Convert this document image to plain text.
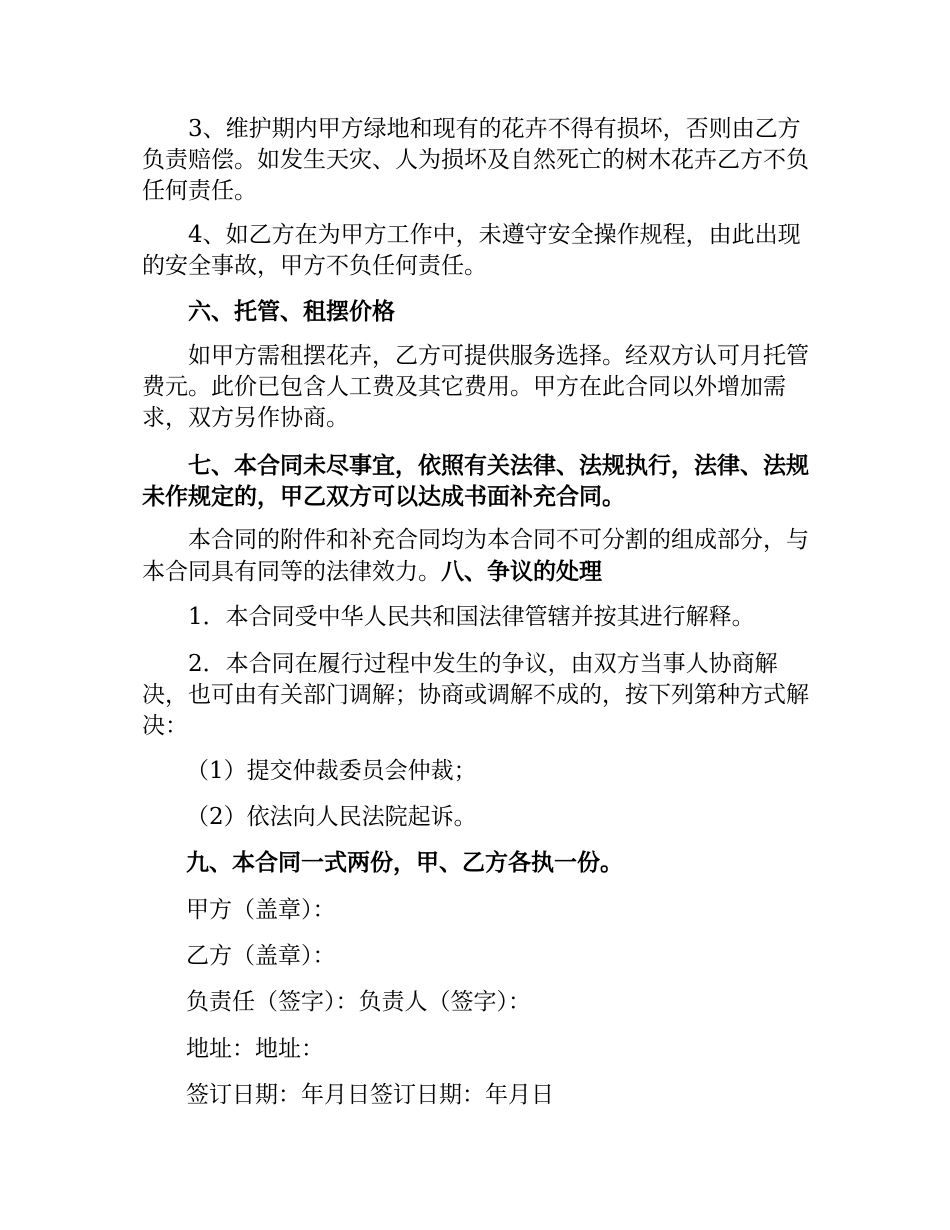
3、维护期内甲方绿地和现有的花卉不得有损坏，否则由乙方负责赔偿。如发生天灾、人为损坏及自然死亡的树木花卉乙方不负任何责任。

4、如乙方在为甲方工作中，未遵守安全操作规程，由此出现的安全事故，甲方不负任何责任。

六、托管、租摆价格

如甲方需租摆花卉，乙方可提供服务选择。经双方认可月托管费元。此价已包含人工费及其它费用。甲方在此合同以外增加需求，双方另作协商。

七、本合同未尽事宜，依照有关法律、法规执行，法律、法规未作规定的，甲乙双方可以达成书面补充合同。

本合同的附件和补充合同均为本合同不可分割的组成部分，与本合同具有同等的法律效力。八、争议的处理

1．本合同受中华人民共和国法律管辖并按其进行解释。

2．本合同在履行过程中发生的争议，由双方当事人协商解决，也可由有关部门调解；协商或调解不成的，按下列第种方式解决：

（1）提交仲裁委员会仲裁；

（2）依法向人民法院起诉。

九、本合同一式两份，甲、乙方各执一份。

甲方（盖章）：

乙方（盖章）：

负责任（签字）：负责人（签字）：

地址：地址：

签订日期：年月日签订日期：年月日
